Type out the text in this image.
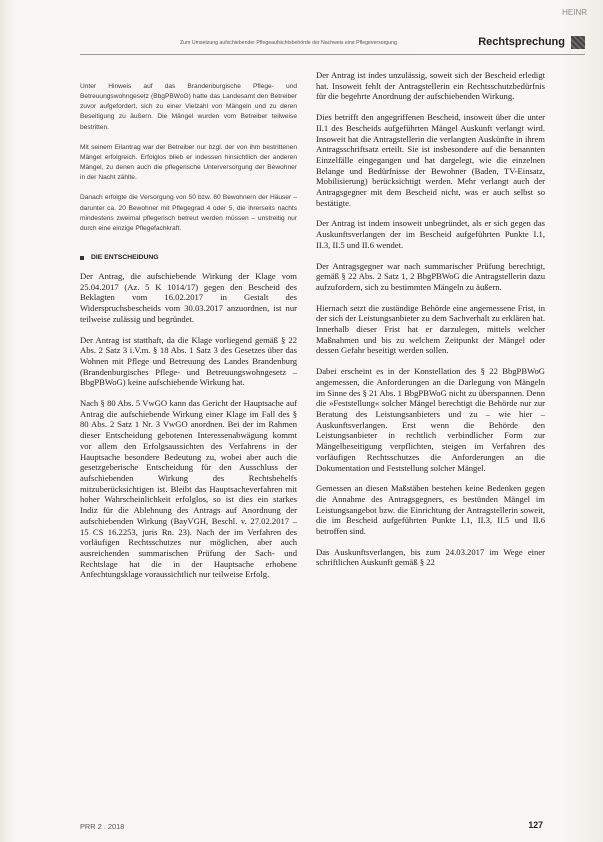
HEINR
Zum Umsetzung aufschiebender Pflegeaufsichtsbehörde der Nachweis eine Pflegeversorgung	Rechtsprechung

Unter Hinweis auf das Brandenburgische Pflege- und Betreuungswohngesetz (BbgPBWoG) hatte das Landesamt den Betreiber zuvor aufgefordert, sich zu einer Vielzahl von Mängeln und zu deren Beseitigung zu äußern. Die Mängel wurden vom Betreiber teilweise bestritten.

Mit seinem Eilantrag war der Betreiber nur bzgl. der von ihm bestrittenen Mängel erfolgreich. Erfolglos blieb er indessen hinsichtlich der anderen Mängel, zu denen auch die pflegerische Unterversorgung der Bewohner in der Nacht zählte.

Danach erfolgte die Versorgung von 50 bzw. 60 Bewohnern der Häuser – darunter ca. 20 Bewohner mit Pflegegrad 4 oder 5, die ihrerseits nachts mindestens zweimal pflegerisch betreut werden müssen – unstreitig nur durch eine einzige Pflegefachkraft.

DIE ENTSCHEIDUNG

Der Antrag, die aufschiebende Wirkung der Klage vom 25.04.2017 (Az. 5 K 1014/17) gegen den Bescheid des Beklagten vom 16.02.2017 in Gestalt des Widerspruchsbescheids vom 30.03.2017 anzuordnen, ist nur teilweise zulässig und begründet.

Der Antrag ist statthaft, da die Klage vorliegend gemäß § 22 Abs. 2 Satz 3 i.V.m. § 18 Abs. 1 Satz 3 des Gesetzes über das Wohnen mit Pflege und Betreuung des Landes Brandenburg (Brandenburgisches Pflege- und Betreuungswohngesetz – BbgPBWoG) keine aufschiebende Wirkung hat.

Nach § 80 Abs. 5 VwGO kann das Gericht der Hauptsache auf Antrag die aufschiebende Wirkung einer Klage im Fall des § 80 Abs. 2 Satz 1 Nr. 3 VwGO anordnen. Bei der im Rahmen dieser Entscheidung gebotenen Interessenabwägung kommt vor allem den Erfolgsaussichten des Verfahrens in der Hauptsache besondere Bedeutung zu, wobei aber auch die gesetzgeberische Entscheidung für den Ausschluss der aufschiebenden Wirkung des Rechtsbehelfs mitzuberücksichtigen ist. Bleibt das Hauptsacheverfahren mit hoher Wahrscheinlichkeit erfolglos, so ist dies ein starkes Indiz für die Ablehnung des Antrags auf Anordnung der aufschiebenden Wirkung (BayVGH, Beschl. v. 27.02.2017 – 15 CS 16.2253, juris Rn. 23). Nach der im Verfahren des vorläufigen Rechtsschutzes nur möglichen, aber auch ausreichenden summarischen Prüfung der Sach- und Rechtslage hat die in der Hauptsache erhobene Anfechtungsklage voraussichtlich nur teilweise Erfolg.

Der Antrag ist indes unzulässig, soweit sich der Bescheid erledigt hat. Insoweit fehlt der Antragstellerin ein Rechtsschutzbedürfnis für die begehrte Anordnung der aufschiebenden Wirkung.

Dies betrifft den angegriffenen Bescheid, insoweit über die unter II.1 des Bescheids aufgeführten Mängel Auskunft verlangt wird. Insoweit hat die Antragstellerin die verlangten Auskünfte in ihrem Antragsschriftsatz erteilt. Sie ist insbesondere auf die benannten Einzelfälle eingegangen und hat dargelegt, wie die einzelnen Belange und Bedürfnisse der Bewohner (Baden, TV-Einsatz, Mobilisierung) berücksichtigt werden. Mehr verlangt auch der Antragsgegner mit dem Bescheid nicht, was er auch selbst so bestätigte.

Der Antrag ist indem insoweit unbegründet, als er sich gegen das Auskunftsverlangen der im Bescheid aufgeführten Punkte I.1, II.3, II.5 und II.6 wendet.

Der Antragsgegner war nach summarischer Prüfung berechtigt, gemäß § 22 Abs. 2 Satz 1, 2 BbgPBWoG die Antragstellerin dazu aufzufordern, sich zu bestimmten Mängeln zu äußern.

Hiernach setzt die zuständige Behörde eine angemessene Frist, in der sich der Leistungsanbieter zu dem Sachverhalt zu erklären hat. Innerhalb dieser Frist hat er darzulegen, mittels welcher Maßnahmen und bis zu welchem Zeitpunkt der Mängel oder dessen Gefahr beseitigt werden sollen.

Dabei erscheint es in der Konstellation des § 22 BbgPBWoG angemessen, die Anforderungen an die Darlegung von Mängeln im Sinne des § 21 Abs. 1 BbgPBWoG nicht zu überspannen. Denn die »Feststellung« solcher Mängel berechtigt die Behörde nur zur Beratung des Leistungsanbieters und zu – wie hier – Auskunftsverlangen. Erst wenn die Behörde den Leistungsanbieter in rechtlich verbindlicher Form zur Mängelbeseitigung verpflichten, steigen im Verfahren des vorläufigen Rechtsschutzes die Anforderungen an die Dokumentation und Feststellung solcher Mängel.

Gemessen an diesen Maßstäben bestehen keine Bedenken gegen die Annahme des Antragsgegners, es bestünden Mängel im Leistungsangebot bzw. die Einrichtung der Antragstellerin soweit, die im Bescheid aufgeführten Punkte I.1, II.3, II.5 und II.6 betroffen sind.

Das Auskunftsverlangen, bis zum 24.03.2017 im Wege einer schriftlichen Auskunft gemäß § 22

PRR 2 . 2018	127
